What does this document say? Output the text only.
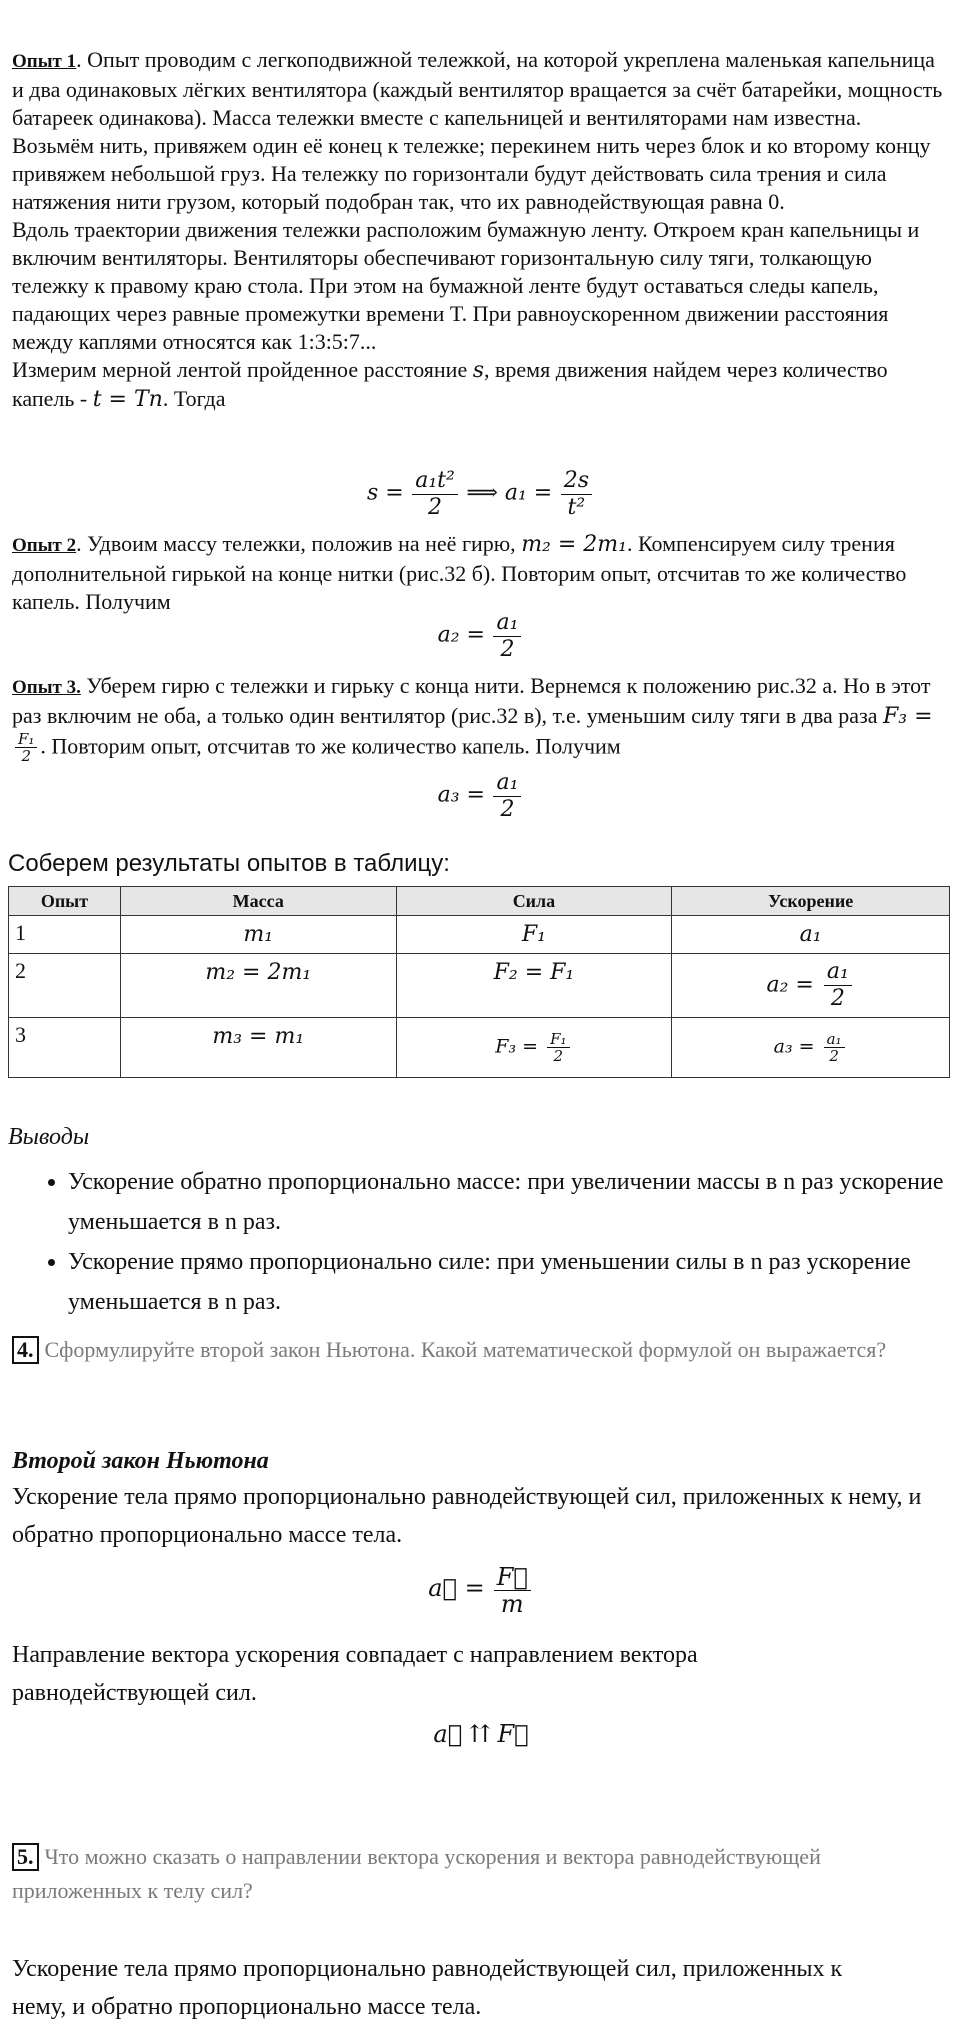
Опыт 1. Опыт проводим с легкоподвижной тележкой, на которой укреплена маленькая капельница и два одинаковых лёгких вентилятора (каждый вентилятор вращается за счёт батарейки, мощность батареек одинакова). Масса тележки вместе с капельницей и вентиляторами нам известна.

Возьмём нить, привяжем один её конец к тележке; перекинем нить через блок и ко второму концу привяжем небольшой груз. На тележку по горизонтали будут действовать сила трения и сила натяжения нити грузом, который подобран так, что их равнодействующая равна 0.

Вдоль траектории движения тележки расположим бумажную ленту. Откроем кран капельницы и включим вентиляторы. Вентиляторы обеспечивают горизонтальную силу тяги, толкающую тележку к правому краю стола. При этом на бумажной ленте будут оставаться следы капель, падающих через равные промежутки времени T. При равноускоренном движении расстояния между каплями относятся как 1:3:5:7...

Измерим мерной лентой пройденное расстояние s, время движения найдем через количество капель - t = Tn. Тогда

$s = \frac{\text{a₁t²}}{2}$ ⟹ $a_1 = \frac{2s}{\text{t²}}$

Опыт 2. Удвоим массу тележки, положив на неё гирю, m₂ = 2m₁. Компенсируем силу трения дополнительной гирькой на конце нитки (рис.32 б). Повторим опыт, отсчитав то же количество капель. Получим

$a_2 = \frac{\text{a₁}}{2}$

Опыт 3. Уберем гирю с тележки и гирьку с конца нити. Вернемся к положению рис.32 а. Но в этот раз включим не оба, а только один вентилятор (рис.32 в), т.е. уменьшим силу тяги в два раза F₃ =
$\frac{\text{F₁}}{2}$ . Повторим опыт, отсчитав то же количество капель. Получим

$a_3 = \frac{\text{a₁}}{2}$

Соберем результаты опытов в таблицу:

Опыт	Масса	Сила	Ускорение
1	m₁	F₁	a₁
2	m₂ = 2m₁	F₂ = F₁	$a_2 = \frac{\text{a₁}}{2}$

3	m₃ = m₁	$F_3 = \frac{\text{F₁}}{2}$	$a_3 = \frac{\text{a₁}}{2}$
Выводы
• Ускорение обратно пропорционально массе: при увеличении массы в n раз ускорение уменьшается в n раз.
• Ускорение прямо пропорционально силе: при уменьшении силы в n раз ускорение уменьшается в n раз.
4. Сформулируйте второй закон Ньютона. Какой математической формулой он выражается?
Второй закон Ньютона
Ускорение тела прямо пропорционально равнодействующей сил, приложенных к нему, и обратно пропорционально массе тела.
a⃗ = $\frac{F⃗}{m}$
Направление вектора ускорения совпадает с направлением вектора равнодействующей сил.
a⃗ ⇈ F⃗
5. Что можно сказать о направлении вектора ускорения и вектора равнодействующей приложенных к телу сил?
Ускорение тела прямо пропорционально равнодействующей сил, приложенных к нему, и обратно пропорционально массе тела.
